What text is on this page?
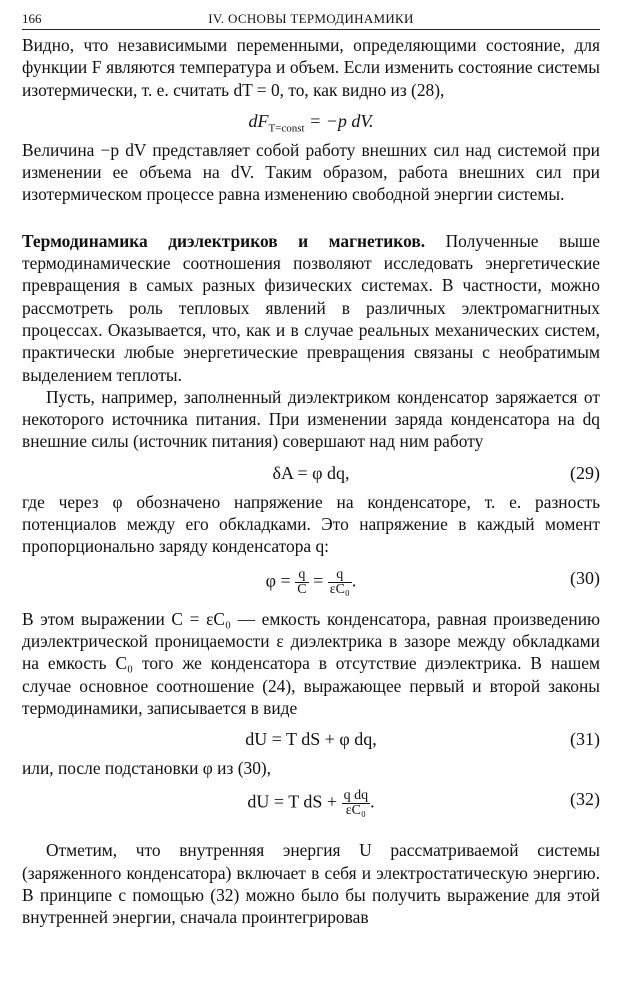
166	IV. ОСНОВЫ ТЕРМОДИНАМИКИ

Видно, что независимыми переменными, определяющими состояние, для функции F являются температура и объем. Если изменить состояние системы изотермически, т. е. считать dT = 0, то, как видно из (28),

$dF_{T=const} = -p$ dV.

Величина −p dV представляет собой работу внешних сил над системой при изменении ее объема на dV. Таким образом, работа внешних сил при изотермическом процессе равна изменению свободной энергии системы.

Термодинамика диэлектриков и магнетиков. Полученные выше термодинамические соотношения позволяют исследовать энергетические превращения в самых разных физических системах. В частности, можно рассмотреть роль тепловых явлений в различных электромагнитных процессах. Оказывается, что, как и в случае реальных механических систем, практически любые энергетические превращения связаны с необратимым выделением теплоты.

Пусть, например, заполненный диэлектриком конденсатор заряжается от некоторого источника питания. При изменении заряда конденсатора на dq внешние силы (источник питания) совершают над ним работу

δA = φ dq,	(29)

где через φ обозначено напряжение на конденсаторе, т. е. разность потенциалов между его обкладками. Это напряжение в каждый момент пропорционально заряду конденсатора q:

$\varphi = \frac{q}{C} = \frac{q}{\text{εC₀}}$ .	(30)

В этом выражении C = εC₀ — емкость конденсатора, равная произведению диэлектрической проницаемости ε диэлектрика в зазоре между обкладками на емкость C₀ того же конденсатора в отсутствие диэлектрика. В нашем случае основное соотношение (24), выражающее первый и второй законы термодинамики, записывается в виде

dU = T dS + φ dq,	(31)

или, после подстановки φ из (30),

dU = T dS + $\frac{\text{q dq}}{\text{εC₀}}$ .	(32)

Отметим, что внутренняя энергия U рассматриваемой системы (заряженного конденсатора) включает в себя и электростатическую энергию. В принципе с помощью (32) можно было бы получить выражение для этой внутренней энергии, сначала проинтегрировав
